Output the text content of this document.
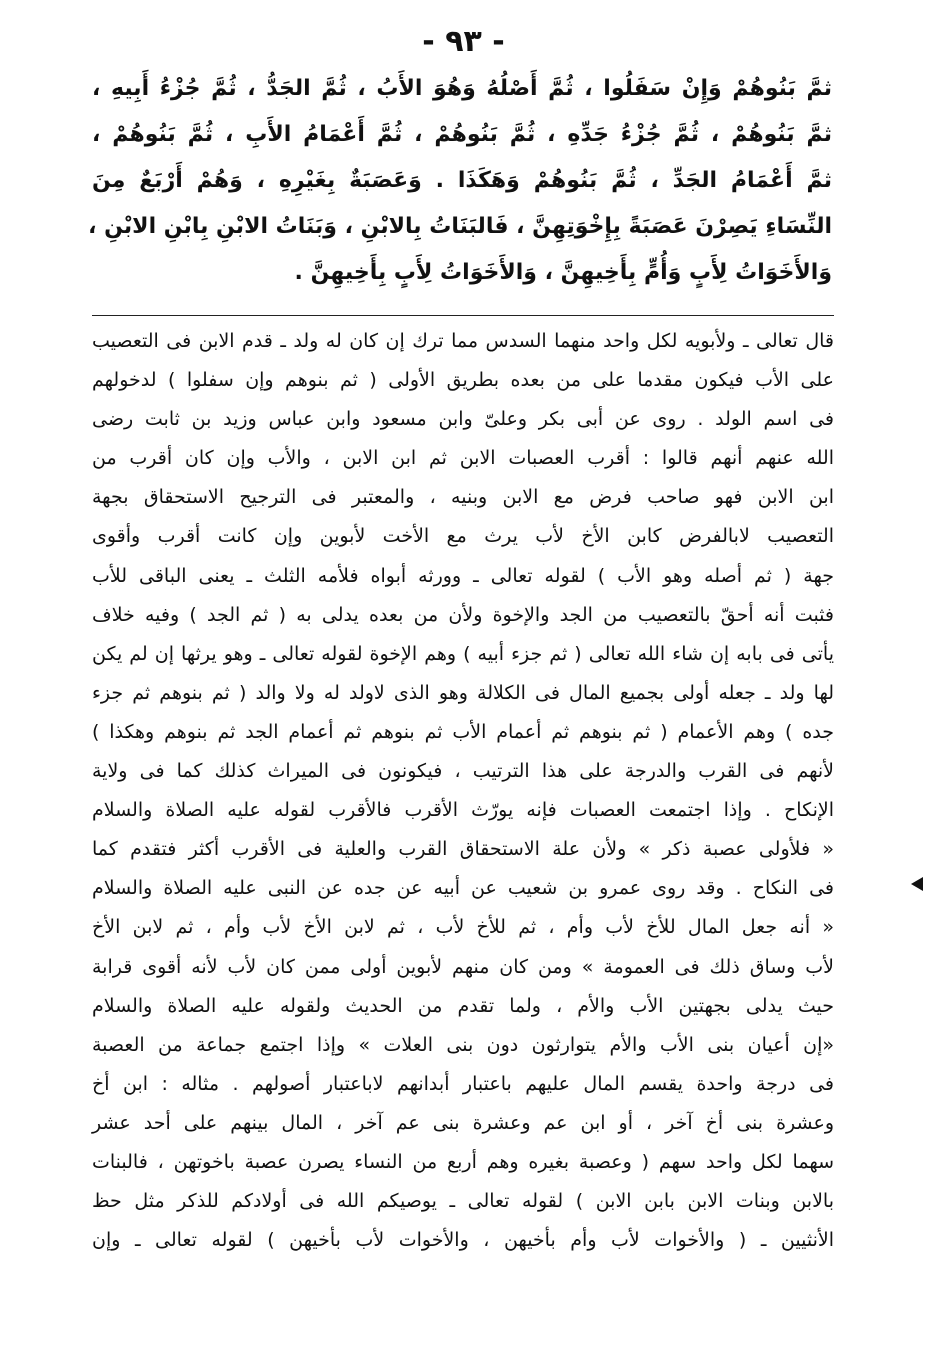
- ٩٣ -
ثمَّ بَنُوهُمْ وَإِنْ سَفَلُوا ، ثُمَّ أَصْلُهُ وَهُوَ الأَبُ ، ثُمَّ الجَدُّ ، ثُمَّ جُزْءُ أَبِيهِ ،
ثمَّ بَنُوهُمْ ، ثُمَّ جُزْءُ جَدِّهِ ، ثُمَّ بَنُوهُمْ ، ثُمَّ أَعْمَامُ الأَبِ ، ثُمَّ بَنُوهُمْ ،
ثمَّ أَعْمَامُ الجَدِّ ، ثُمَّ بَنُوهُمْ وَهَكَذَا . وَعَصَبَةٌ بِغَيْرِهِ ، وَهُمْ أَرْبَعٌ مِنَ
النِّسَاءِ يَصِرْنَ عَصَبَةً بِإِخْوَتِهِنَّ ، فَالبَنَاتُ بِالابْنِ ، وَبَنَاتُ الابْنِ بِابْنِ الابْنِ ،
وَالأَخَوَاتُ لِأَبٍ وَأُمٍّ بِأَخِيهِنَّ ، وَالأَخَوَاتُ لِأَبٍ بِأَخِيهِنَّ .
قال تعالى ـ ولأبويه لكل واحد منهما السدس مما ترك إن كان له ولد ـ قدم الابن فى التعصيب
على الأب فيكون مقدما على من بعده بطريق الأولى ( ثم بنوهم وإن سفلوا ) لدخولهم
فى اسم الولد . روى عن أبى بكر وعلىّ وابن مسعود وابن عباس وزيد بن ثابت رضى
الله عنهم أنهم قالوا : أقرب العصبات الابن ثم ابن الابن ، والأب وإن كان أقرب من
ابن الابن فهو صاحب فرض مع الابن وبنيه ، والمعتبر فى الترجيح الاستحقاق بجهة
التعصيب لابالفرض كابن الأخ لأب يرث مع الأخت لأبوين وإن كانت أقرب وأقوى
جهة ( ثم أصله وهو الأب ) لقوله تعالى ـ وورثه أبواه فلأمه الثلث ـ يعنى الباقى للأب
فثبت أنه أحقّ بالتعصيب من الجد والإخوة ولأن من بعده يدلى به ( ثم الجد ) وفيه خلاف
يأتى فى بابه إن شاء الله تعالى ( ثم جزء أبيه ) وهم الإخوة لقوله تعالى ـ وهو يرثها إن لم يكن
لها ولد ـ جعله أولى بجميع المال فى الكلالة وهو الذى لاولد له ولا والد ( ثم بنوهم ثم جزء
جده ) وهم الأعمام ( ثم بنوهم ثم أعمام الأب ثم بنوهم ثم أعمام الجد ثم بنوهم وهكذا )
لأنهم فى القرب والدرجة على هذا الترتيب ، فيكونون فى الميراث كذلك كما فى ولاية
الإنكاح . وإذا اجتمعت العصبات فإنه يورّث الأقرب فالأقرب لقوله عليه الصلاة والسلام
« فلأولى عصبة ذكر » ولأن علة الاستحقاق القرب والعلية فى الأقرب أكثر فتقدم كما
فى النكاح . وقد روى عمرو بن شعيب عن أبيه عن جده عن النبى عليه الصلاة والسلام
« أنه جعل المال للأخ لأب وأم ، ثم للأخ لأب ، ثم لابن الأخ لأب وأم ، ثم لابن الأخ
لأب وساق ذلك فى العمومة » ومن كان منهم لأبوين أولى ممن كان لأب لأنه أقوى قرابة
حيث يدلى بجهتين الأب والأم ، ولما تقدم من الحديث ولقوله عليه الصلاة والسلام
«إن أعيان بنى الأب والأم يتوارثون دون بنى العلات » وإذا اجتمع جماعة من العصبة
فى درجة واحدة يقسم المال عليهم باعتبار أبدانهم لاباعتبار أصولهم . مثاله : ابن أخ
وعشرة بنى أخ آخر ، أو ابن عم وعشرة بنى عم آخر ، المال بينهم على أحد عشر
سهما لكل واحد سهم ( وعصبة بغيره وهم أربع من النساء يصرن عصبة باخوتهن ، فالبنات
بالابن وبنات الابن بابن الابن ) لقوله تعالى ـ يوصيكم الله فى أولادكم للذكر مثل حظ
الأنثيين ـ ( والأخوات لأب وأم بأخيهن ، والأخوات لأب بأخيهن ) لقوله تعالى ـ وإن
